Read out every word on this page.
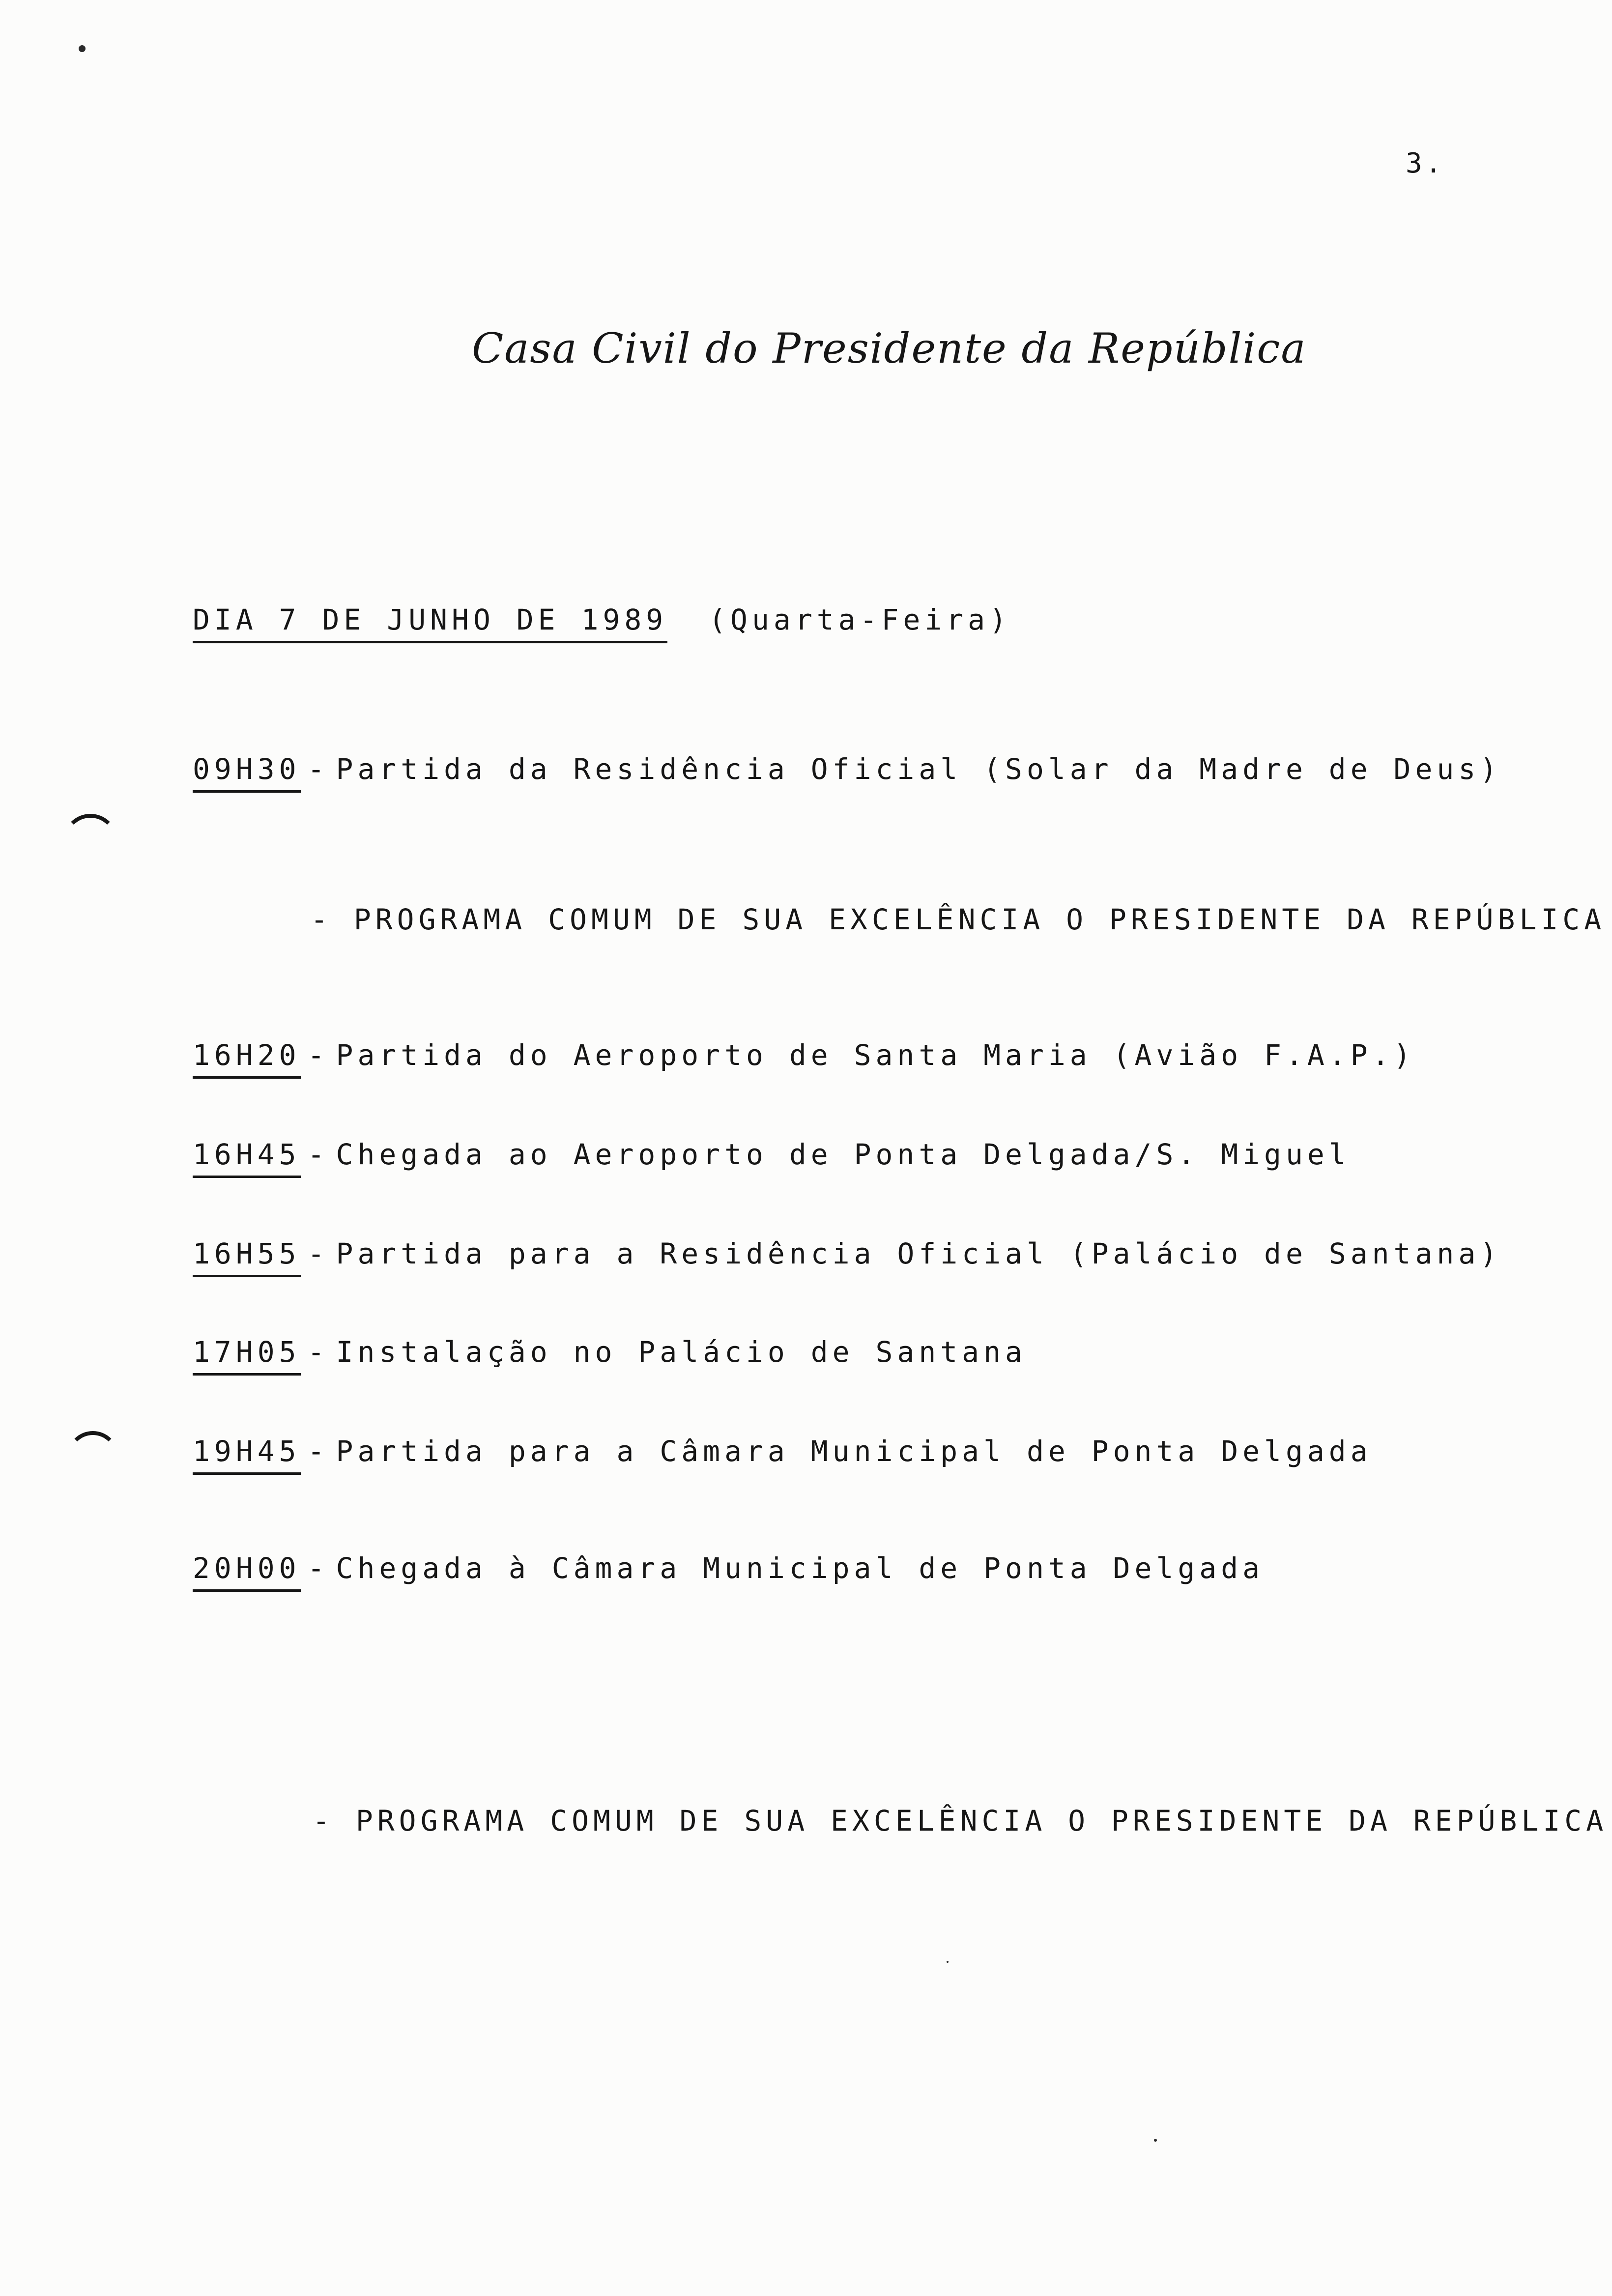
3.
Casa Civil do Presidente da República
DIA 7 DE JUNHO DE 1989 (Quarta-Feira)
09H30 - Partida da Residência Oficial (Solar da Madre de Deus)
- PROGRAMA COMUM DE SUA EXCELÊNCIA O PRESIDENTE DA REPÚBLICA
16H20 - Partida do Aeroporto de Santa Maria (Avião F.A.P.)
16H45 - Chegada ao Aeroporto de Ponta Delgada/S. Miguel
16H55 - Partida para a Residência Oficial (Palácio de Santana)
17H05 - Instalação no Palácio de Santana
19H45 - Partida para a Câmara Municipal de Ponta Delgada
20H00 - Chegada à Câmara Municipal de Ponta Delgada
- PROGRAMA COMUM DE SUA EXCELÊNCIA O PRESIDENTE DA REPÚBLICA
